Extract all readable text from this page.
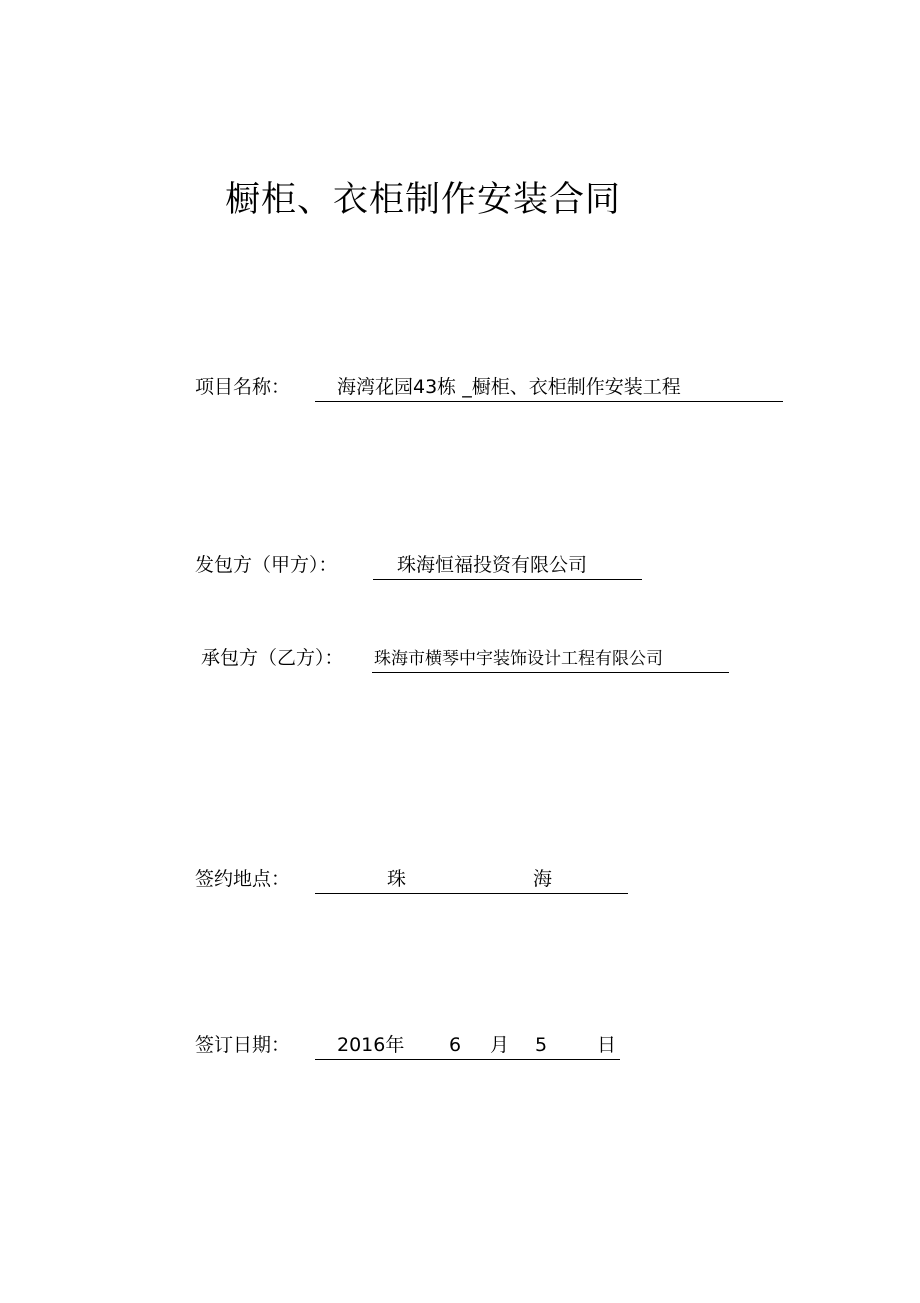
橱柜、衣柜制作安装合同
项目名称： 海湾花园43栋 _橱柜、衣柜制作安装工程
发包方（甲方）：	珠海恒福投资有限公司
承包方（乙方）： 珠海市横琴中宇装饰设计工程有限公司
签约地点：	珠	海
签订日期： 2016年 6 月 5	日
